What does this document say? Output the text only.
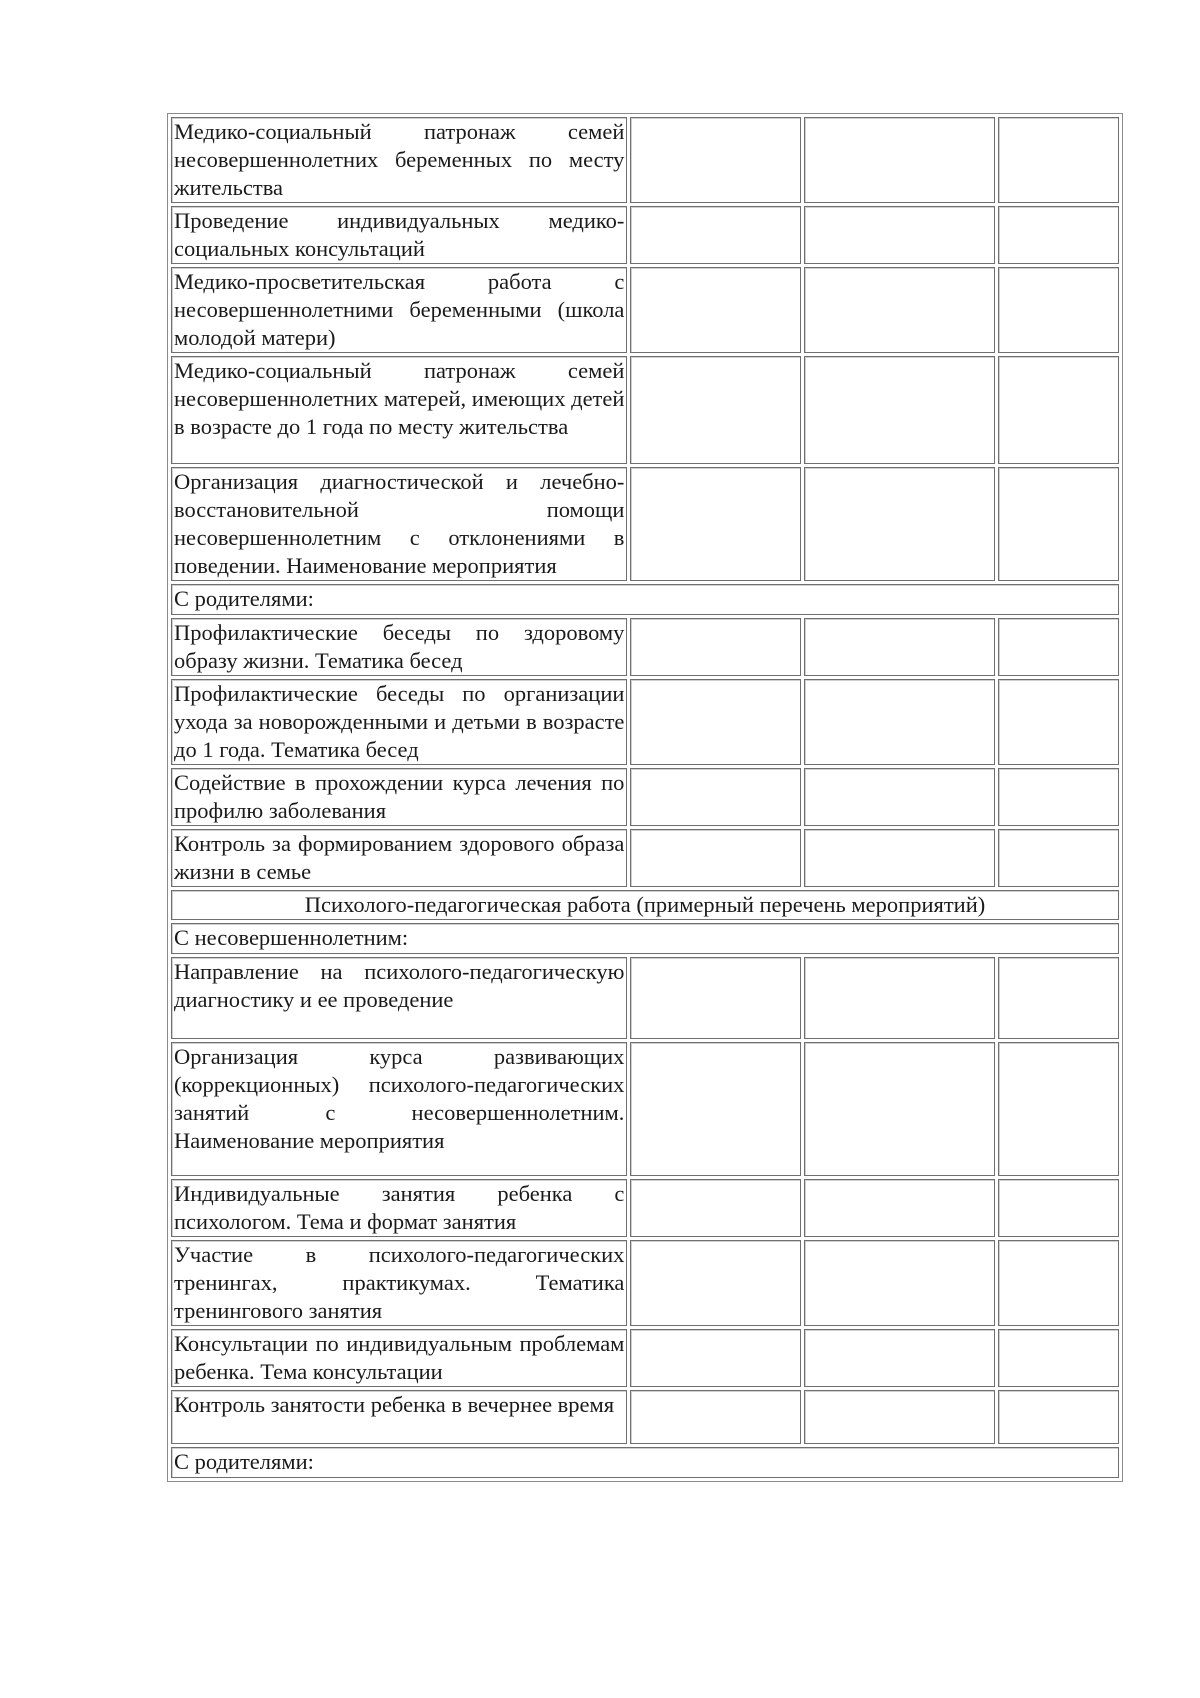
Медико-социальный патронаж семей несовершеннолетних беременных по месту жительства			
Проведение индивидуальных медико-социальных консультаций			
Медико-просветительская работа с несовершеннолетними беременными (школа молодой матери)			
Медико-социальный патронаж семей несовершеннолетних матерей, имеющих детей в возрасте до 1 года по месту жительства			
Организация диагностической и лечебно-восстановительной помощи несовершеннолетним с отклонениями в поведении. Наименование мероприятия			
С родителями:			
Профилактические беседы по здоровому образу жизни. Тематика бесед			
Профилактические беседы по организации ухода за новорожденными и детьми в возрасте до 1 года. Тематика бесед			
Содействие в прохождении курса лечения по профилю заболевания			
Контроль за формированием здорового образа жизни в семье			
Психолого-педагогическая работа (примерный перечень мероприятий)			
С несовершеннолетним:			
Направление на психолого-педагогическую диагностику и ее проведение			
Организация курса развивающих (коррекционных) психолого-педагогических занятий с несовершеннолетним. Наименование мероприятия			
Индивидуальные занятия ребенка с психологом. Тема и формат занятия			
Участие в психолого-педагогических тренингах, практикумах. Тематика тренингового занятия			
Консультации по индивидуальным проблемам ребенка. Тема консультации			
Контроль занятости ребенка в вечернее время			
С родителями:			
